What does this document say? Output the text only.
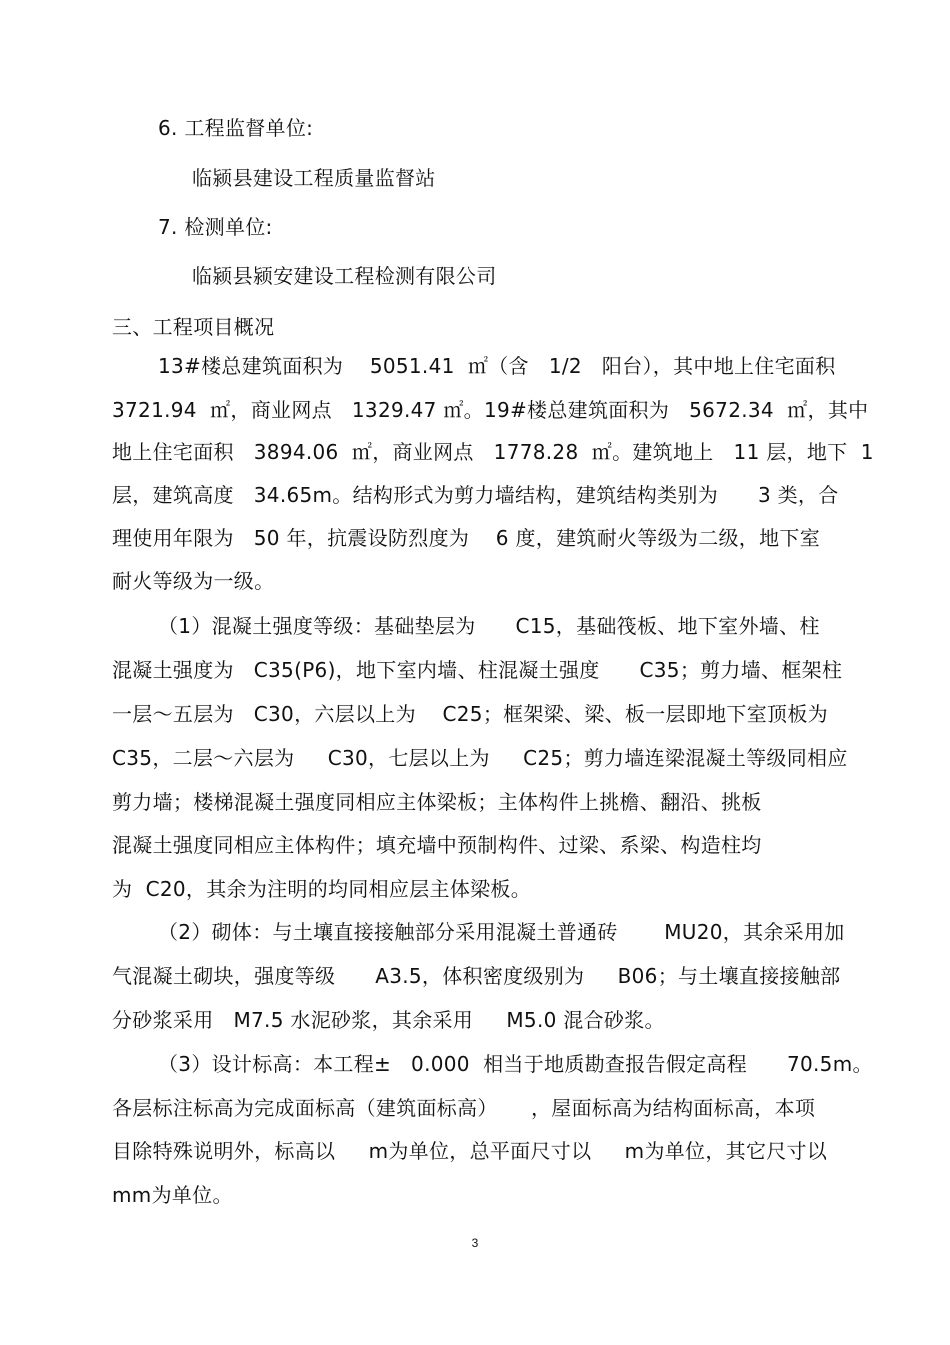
6. 工程监督单位:
临颍县建设工程质量监督站
7. 检测单位:
临颍县颍安建设工程检测有限公司
三、工程项目概况
13#楼总建筑面积为    5051.41  ㎡（含   1/2   阳台），其中地上住宅面积
3721.94  ㎡，商业网点   1329.47 ㎡。19#楼总建筑面积为   5672.34  ㎡，其中
地上住宅面积   3894.06  ㎡，商业网点   1778.28  ㎡。建筑地上   11 层，地下  1
层，建筑高度   34.65m。结构形式为剪力墙结构，建筑结构类别为      3 类，合
理使用年限为   50 年，抗震设防烈度为    6 度，建筑耐火等级为二级，地下室
耐火等级为一级。
（1）混凝土强度等级：基础垫层为      C15，基础筏板、地下室外墙、柱
混凝土强度为   C35(P6)，地下室内墙、柱混凝土强度      C35；剪力墙、框架柱
一层～五层为   C30，六层以上为    C25；框架梁、梁、板一层即地下室顶板为
C35，二层～六层为     C30，七层以上为     C25；剪力墙连梁混凝土等级同相应
剪力墙；楼梯混凝土强度同相应主体梁板；主体构件上挑檐、翻沿、挑板
混凝土强度同相应主体构件；填充墙中预制构件、过梁、系梁、构造柱均
为  C20，其余为注明的均同相应层主体梁板。
（2）砌体：与土壤直接接触部分采用混凝土普通砖       MU20，其余采用加
气混凝土砌块，强度等级      A3.5，体积密度级别为     B06；与土壤直接接触部
分砂浆采用   M7.5 水泥砂浆，其余采用     M5.0 混合砂浆。
（3）设计标高：本工程±   0.000  相当于地质勘查报告假定高程      70.5m。
各层标注标高为完成面标高（建筑面标高）     ，屋面标高为结构面标高，本项
目除特殊说明外，标高以     m为单位，总平面尺寸以     m为单位，其它尺寸以
mm为单位。
3
